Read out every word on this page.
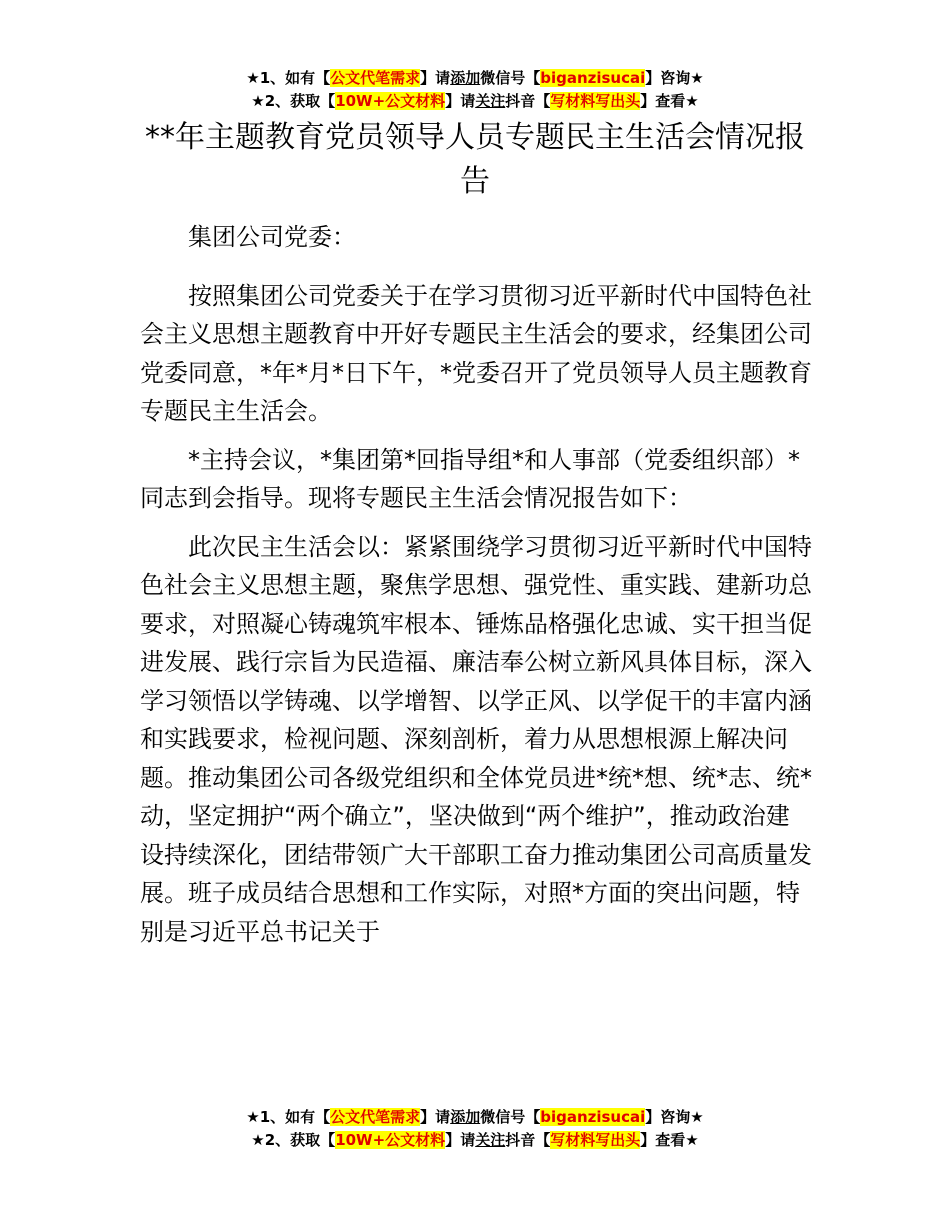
★1、如有【公文代笔需求】请添加微信号【biganzisucai】咨询★
★2、获取【10W+公文材料】请关注抖音【写材料写出头】查看★
**年主题教育党员领导人员专题民主生活会情况报告

集团公司党委：

按照集团公司党委关于在学习贯彻习近平新时代中国特色社会主义思想主题教育中开好专题民主生活会的要求，经集团公司党委同意，*年*月*日下午，*党委召开了党员领导人员主题教育专题民主生活会。

*主持会议，*集团第*回指导组*和人事部（党委组织部）*同志到会指导。现将专题民主生活会情况报告如下：

此次民主生活会以：紧紧围绕学习贯彻习近平新时代中国特色社会主义思想主题，聚焦学思想、强党性、重实践、建新功总要求，对照凝心铸魂筑牢根本、锤炼品格强化忠诚、实干担当促进发展、践行宗旨为民造福、廉洁奉公树立新风具体目标，深入学习领悟以学铸魂、以学增智、以学正风、以学促干的丰富内涵和实践要求，检视问题、深刻剖析，着力从思想根源上解决问题。推动集团公司各级党组织和全体党员进*统*想、统*志、统*动，坚定拥护“两个确立”，坚决做到“两个维护”，推动政治建设持续深化，团结带领广大干部职工奋力推动集团公司高质量发展。班子成员结合思想和工作实际，对照*方面的突出问题，特别是习近平总书记关于

★1、如有【公文代笔需求】请添加微信号【biganzisucai】咨询★
★2、获取【10W+公文材料】请关注抖音【写材料写出头】查看★
